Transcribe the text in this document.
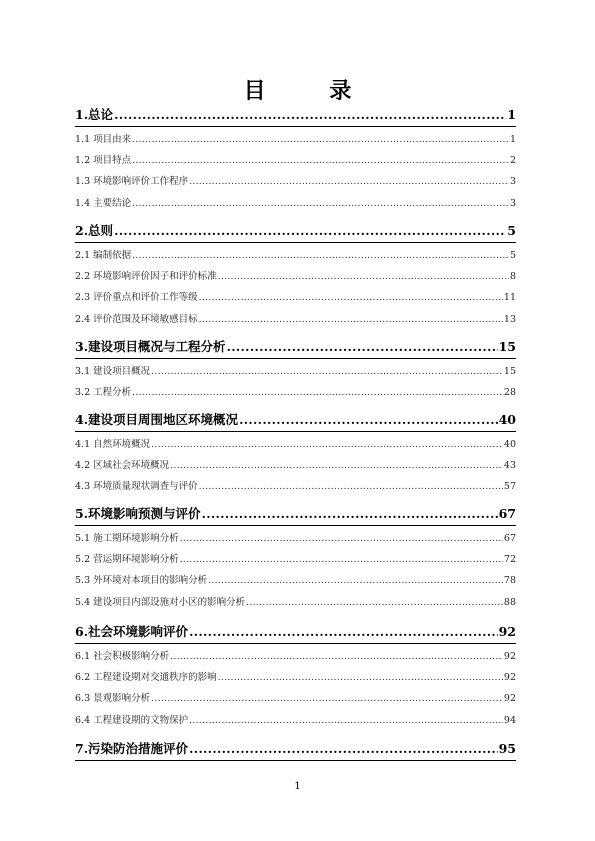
目 录
1.总论 .....	1
1.1 项目由来 .....	1
1.2 项目特点 .....	2
1.3 环境影响评价工作程序 .....	3
1.4 主要结论 .....	3
2.总则 .....	5
2.1 编制依据 .....	5
2.2 环境影响评价因子和评价标准 .....	8
2.3 评价重点和评价工作等级 .....	11
2.4 评价范围及环境敏感目标 .....	13
3.建设项目概况与工程分析 .....	15
3.1 建设项目概况 .....	15
3.2 工程分析 .....	28
4.建设项目周围地区环境概况 .....	40
4.1 自然环境概况 .....	40
4.2 区域社会环境概况 .....	43
4.3 环境质量现状调查与评价 .....	57
5.环境影响预测与评价 .....	67
5.1 施工期环境影响分析 .....	67
5.2 营运期环境影响分析 .....	72
5.3 外环境对本项目的影响分析 .....	78
5.4 建设项目内部设施对小区的影响分析 .....	88
6.社会环境影响评价 .....	92
6.1 社会积极影响分析 .....	92
6.2 工程建设期对交通秩序的影响 .....	92
6.3 景观影响分析 .....	92
6.4 工程建设期的文物保护 .....	94
7.污染防治措施评价 .....	95
1
